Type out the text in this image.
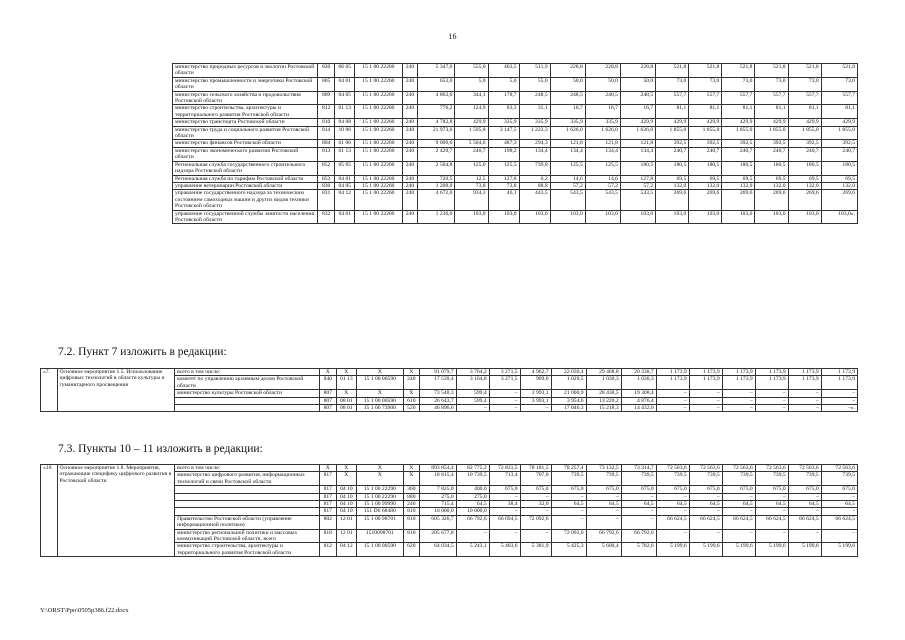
16
министерство природных ресурсов и экологии Ростовской области	820	06 05	15 1 00 22260	240	5 347,6	555,0	463,5	511,9	228,8	228,8	228,8	521,8	521,8	521,8	521,8	521,8	521,8
министерство промышленности и энергетики Ростовской области	805	04 01	15 1 00 22260	240	653,0	5,0	5,0	55,0	50,0	50,0	50,0	73,0	73,0	73,0	73,0	73,0	73,0
министерство сельского хозяйства и продовольствия Ростовской области	809	04 05	15 1 00 22260	240	4 863,0	344,1	178,7	248,5	248,5	248,5	248,5	557,7	557,7	557,7	557,7	557,7	557,7
министерство строительства, архитектуры и территориального развития Ростовской области	812	01 13	15 1 00 22260	240	776,2	124,9	83,3	31,1	16,7	16,7	16,7	81,1	81,1	81,1	81,1	81,1	81,1
министерство транспорта Ростовской области	810	04 08	15 1 00 22260	240	4 782,8	429,9	335,9	335,9	335,9	335,9	429,9	429,9	429,9	429,9	429,9	429,9	429,9
министерство труда и социального развития Ростовской области	814	10 06	15 1 00 22260	240	21 973,6	1 595,8	3 147,5	1 222,3	1 626,0	1 626,0	1 626,0	1 855,0	1 855,0	1 855,0	1 855,0	1 855,0	1 855,0
министерство финансов Ростовской области	804	01 06	15 1 00 22260	240	9 006,6	5 504,6	487,3	294,3	121,8	121,8	121,8	392,5	392,5	392,5	392,5	392,5	392,5
министерство экономического развития Ростовской области	813	01 13	15 1 00 22260	240	2 420,7	240,7	198,2	134,4	134,4	134,4	134,4	240,7	240,7	240,7	240,7	240,7	240,7
Региональная служба государственного строительного надзора Ростовской области	852	05 05	15 1 00 22260	240	2 504,8	125,0	125,5	739,8	125,5	125,5	180,5	180,5	180,5	180,5	180,5	180,5	180,5
Региональная служба по тарифам Ростовской области	853	04 01	15 1 00 22260	240	720,5	12,5	127,8	6,2	14,6	14,6	127,8	69,5	69,5	69,5	69,5	69,5	69,5
управление ветеринарии Ростовской области	830	04 05	15 1 00 22260	240	1 200,0	73,8	73,8	88,8	57,2	57,2	57,2	132,0	132,0	132,0	132,0	132,0	132,0
управление государственного надзора за техническим состоянием самоходных машин и других видов техники Ростовской области	831	04 12	15 1 00 22260	240	4 672,0	934,3	46,1	443,5	543,5	543,5	543,5	269,6	269,6	269,6	269,6	269,6	269,6
управление государственной службы занятости населения Ростовской области	832	04 01	15 1 00 22260	240	1 236,0	103,0	103,0	103,0	103,0	103,0	103,0	103,0	103,0	103,0	103,0	103,0	103,0».
7.2. Пункт 7 изложить в редакции:
«7.	Основное мероприятие 1.5. Использование цифровых технологий в области культуры и гуманитарного просвещения	всего в том числе:	X	X	X	X	91 079,7	3 764,2	3 271,5	4 962,7	22 030,4	29 468,8	20 338,7	1 173,9	1 173,9	1 173,9	1 173,9	1 173,9	1 173,9
		комитет по управлению архивным делом Ростовской области	840	01 13	15 1 00 00590	240	17 539,4	3 164,8	3 271,5	969,6	1 029,5	1 030,3	1 030,3	1 173,9	1 173,9	1 173,9	1 173,9	1 173,9	1 173,9
		министерство культуры Ростовской области	807	X	X	X	73 540,3	599,4	–	3 993,1	21 000,9	28 438,5	19 308,4	–	–	–	–	–	–
			807	08 01	15 1 00 00590	610	26 643,7	599,4	–	3 993,1	3 954,6	13 220,2	4 876,4	–	–	–	–	–	–
			807	08 01	15 1 00 73900	520	46 896,6	–	–	–	17 046,3	15 218,3	14 432,0	–	–	–	–	–	–».
7.3. Пункты 10 – 11 изложить в редакции:
«10.	Основное мероприятие 1.8. Мероприятия, отражающие специфику цифрового развития в Ростовской области	всего в том числе:	X	X	X	X	893 854,4	82 775,2	72 831,5	78 181,5	78 257,4	73 132,5	73 314,7	72 563,6	72 563,6	72 563,6	72 563,6	72 563,6	72 563,6
		министерство цифрового развития, информационных технологий и связи Ростовской области	817	X	X	X	18 815,4	10 739,5	713,4	707,0	739,5	739,5	739,5	739,5	739,5	739,5	739,5	739,5	739,5
			817	04 10	15 1 00 22290	360	7 825,0	400,0	675,0	675,0	675,0	675,0	675,0	675,0	675,0	675,0	675,0	675,0	675,0
			817	04 10	15 1 00 22290	880	275,0	275,0	–	–	–	–	–	–	–	–	–	–	–
			817	04 10	15 1 00 99990	240	715,4	64,5	38,4	32,0	64,5	64,5	64,5	64,5	64,5	64,5	64,5	64,5	64,5
			817	04 10	151 D6 68480	810	10 000,0	10 000,0	–	–	–	–	–	–	–	–	–	–	–
		Правительство Ростовской области (управление информационной политики)	802	12 01	15 1 00 98701	810	605 326,7	66 792,6	66 694,5	72 092,6	–	–	–	66 624,5	66 624,5	66 624,5	66 624,5	66 624,5	66 624,5
		министерство региональной политики и массовых коммуникаций Ростовской области, всего	818	12 01	1510098701	810	205 677,8	–	–	–	72 092,6	66 792,6	66 792,6	–	–	–	–	–	–
		министерство строительства, архитектуры и территориального развития Ростовской области	812	04 12	15 1 00 00590	620	64 034,5	5 243,1	5 403,6	5 381,9	5 425,3	5 600,4	5 782,6	5 199,6	5 199,6	5 199,6	5 199,6	5 199,6	5 199,6
Y:\ORST\Ppo\0505p386.f22.docx
